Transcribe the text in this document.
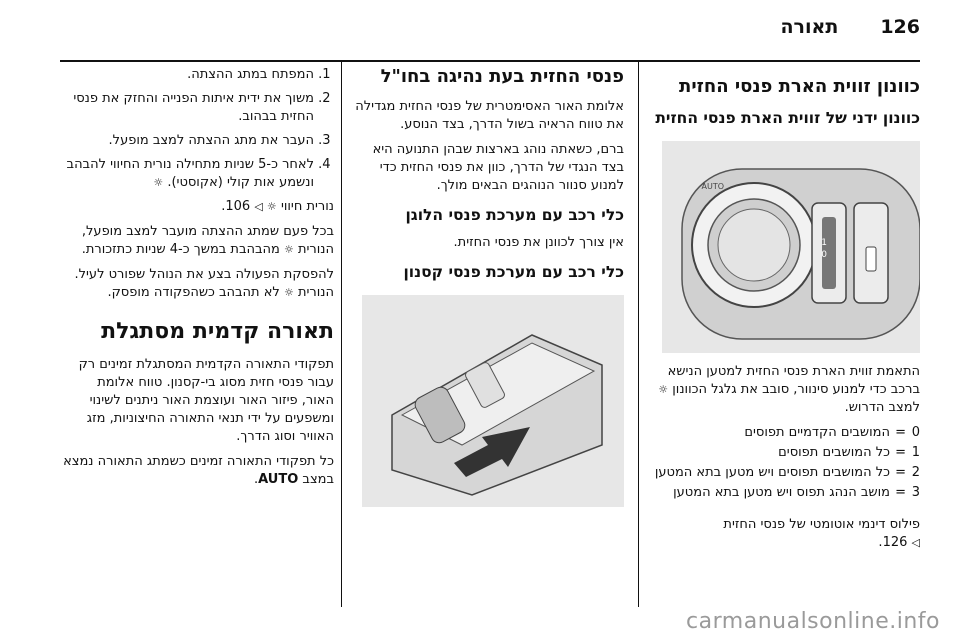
126
תאורה
כוונון זווית הארת פנסי החזית
כוונון ידני של זווית הארת פנסי החזית
1
0
AUTO

התאמת זווית הארת פנסי החזית למטען הנישא ברכב כדי למנוע סינוור, סובב את גלגל הכוונון ☼ למצב הדרוש.

0
=
המושבים הקדמיים תפוסים
1
=
כל המושבים תפוסים
2
=
כל המושבים תפוסים ויש מטען בתא המטען
3
=
מושב הנהג תפוס ויש מטען בתא המטען

פילוס דינמי אוטומטי של פנסי החזית
◁ 126.

פנסי החזית בעת נהיגה בחו"ל

אלומת האור האסימטרית של פנסי החזית מגדילה את טווח הראיה בשול הדרך, בצד הנוסע.

ברם, כשאתה נוהג בארצות שבהן התנועה היא בצד הנגדי של הדרך, כוון את פנסי החזית כדי למנוע סנוור הנוהגים הבאים מולך.

כלי רכב עם מערכת פנסי הלוגן

אין צורך לכוונן את פנסי החזית.

כלי רכב עם מערכת פנסי קסנון
1. המפתח במתג ההצתה.
2. משוך את ידית איתות הפנייה והחזק את פנסי החזית בבהוב.
3. העבר את מתג ההצתה למצב מופעל.
4. לאחר כ-5 שניות מתחילה נורית החיווי להבהב ונשמע אות קולי (אקוסטי). ☼

נורית חיווי ☼ ◁ 106.

בכל פעם שמתג ההצתה מועבר למצב מופעל, הנורית ☼ מהבהבת במשך כ-4 שניות כתזכורת.

להפסקת הפעולה בצע את הנוהל שפורט לעיל. הנורית ☼ לא תהבהב כשהפקודה מופסק.

תאורה קדמית מסתגלת

תפקודי התאורה הקדמית המסתגלת זמינים רק עבור פנסי חזית מסוג בי-קסנון. טווח אלומת האור, פיזור האור ועוצמת האור ניתנים לשינוי ומשפעים על ידי תנאי התאורה החיצוניות, מזג האוויר וסוג הדרך.

כל תפקודי התאורה זמינים כשמתג התאורה נמצא במצב AUTO.

carmanualsonline.info
